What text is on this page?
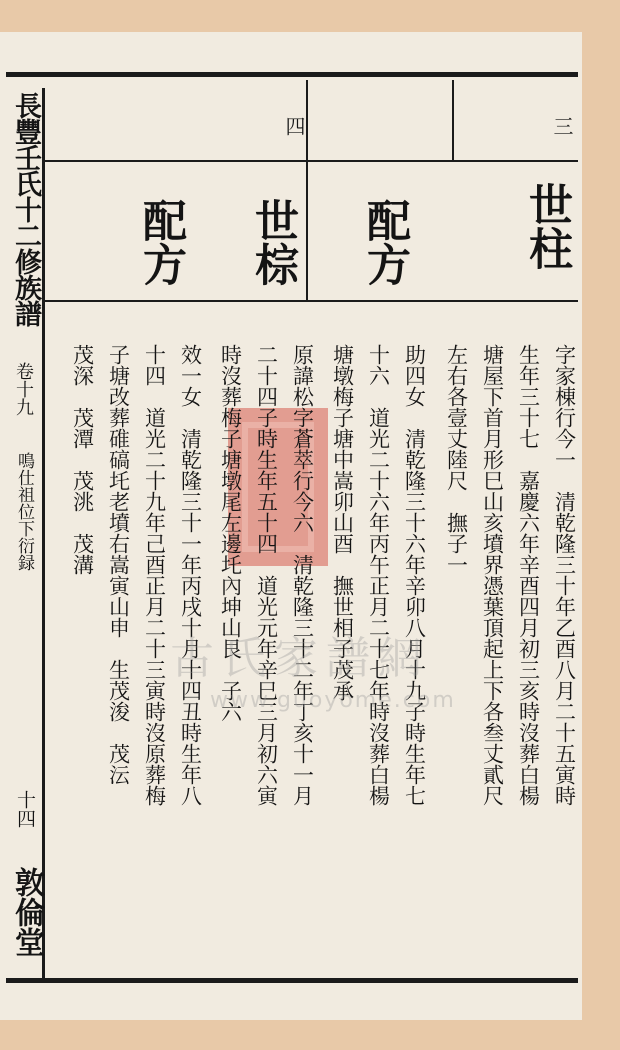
長豐壬氏十二修族譜
卷十九
鳴仕祖位下衍録
十四
敦倫堂
三
四
世柱
配方
世棕
配方
字家棟行今一　清乾隆三十年乙酉八月二十五寅時
生年三十七　嘉慶六年辛酉四月初三亥時沒葬白楊
塘屋下首月形巳山亥墳界憑葉頂起上下各叁丈貳尺
左右各壹丈陸尺　撫子一
助四女　清乾隆三十六年辛卯八月十九子時生年七
十六　道光二十六年丙午正月二十七年時沒葬白楊
塘墩梅子塘中嵩卯山酉　撫世相子茂承
原諱松字蒼萃行今六　清乾隆三十二年丁亥十一月
二十四子時生年五十四　道光元年辛巳三月初六寅
時沒葬梅子塘墩尾左邊圫內坤山艮　子六
效一女　清乾隆三十一年丙戌十月十四丑時生年八
十四　道光二十九年己酉正月二十三寅時沒原葬梅
子塘改葬碓碻圫老墳右嵩寅山申　生茂浚　茂沄
茂深　茂潭　茂洮　茂溝
古氏家譜網
www.guoyome.com
